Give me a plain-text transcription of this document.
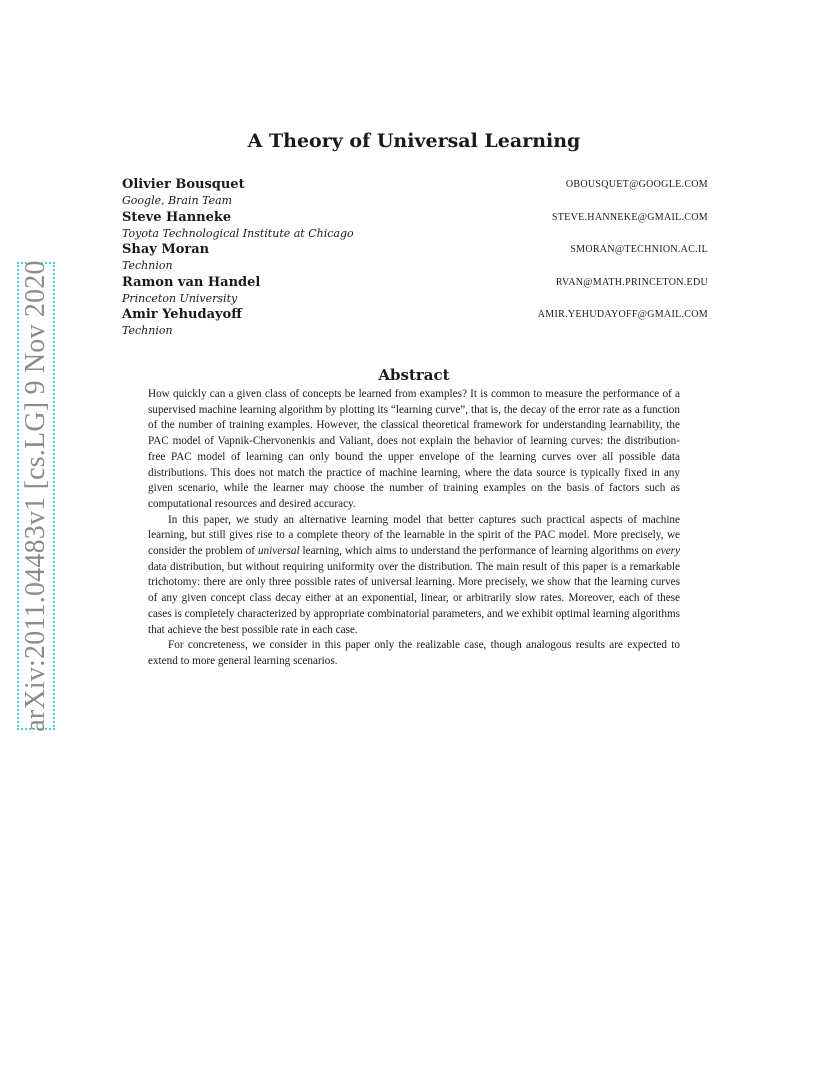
arXiv:2011.04483v1 [cs.LG] 9 Nov 2020
A Theory of Universal Learning
Olivier Bousquet	OBOUSQUET@GOOGLE.COM
Google, Brain Team
Steve Hanneke	STEVE.HANNEKE@GMAIL.COM
Toyota Technological Institute at Chicago
Shay Moran	SMORAN@TECHNION.AC.IL
Technion
Ramon van Handel	RVAN@MATH.PRINCETON.EDU
Princeton University
Amir Yehudayoff	AMIR.YEHUDAYOFF@GMAIL.COM
Technion
Abstract

How quickly can a given class of concepts be learned from examples? It is common to measure the performance of a supervised machine learning algorithm by plotting its “learning curve”, that is, the decay of the error rate as a function of the number of training examples. However, the classical theoretical framework for understanding learnability, the PAC model of Vapnik-Chervonenkis and Valiant, does not explain the behavior of learning curves: the distribution-free PAC model of learning can only bound the upper envelope of the learning curves over all possible data distributions. This does not match the practice of machine learning, where the data source is typically fixed in any given scenario, while the learner may choose the number of training examples on the basis of factors such as computational resources and desired accuracy.

In this paper, we study an alternative learning model that better captures such practical aspects of machine learning, but still gives rise to a complete theory of the learnable in the spirit of the PAC model. More precisely, we consider the problem of universal learning, which aims to understand the performance of learning algorithms on every data distribution, but without requiring uniformity over the distribution. The main result of this paper is a remarkable trichotomy: there are only three possible rates of universal learning. More precisely, we show that the learning curves of any given concept class decay either at an exponential, linear, or arbitrarily slow rates. Moreover, each of these cases is completely characterized by appropriate combinatorial parameters, and we exhibit optimal learning algorithms that achieve the best possible rate in each case.

For concreteness, we consider in this paper only the realizable case, though analogous results are expected to extend to more general learning scenarios.
